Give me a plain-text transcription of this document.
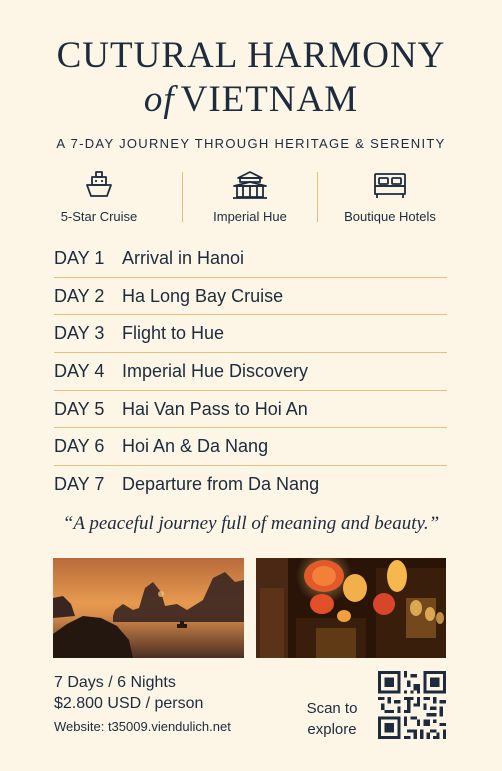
CUTURAL HARMONY
of VIETNAM
A 7-DAY JOURNEY THROUGH HERITAGE & SERENITY
5-Star Cruise	Imperial Hue	Boutique Hotels
DAY 1 Arrival in Hanoi
DAY 2 Ha Long Bay Cruise
DAY 3 Flight to Hue
DAY 4 Imperial Hue Discovery
DAY 5 Hai Van Pass to Hoi An
DAY 6 Hoi An & Da Nang
DAY 7 Departure from Da Nang
“A peaceful journey full of meaning and beauty.”
7 Days / 6 Nights
$2.800 USD / person
Website: t35009.viendulich.net
Scan to
explore
